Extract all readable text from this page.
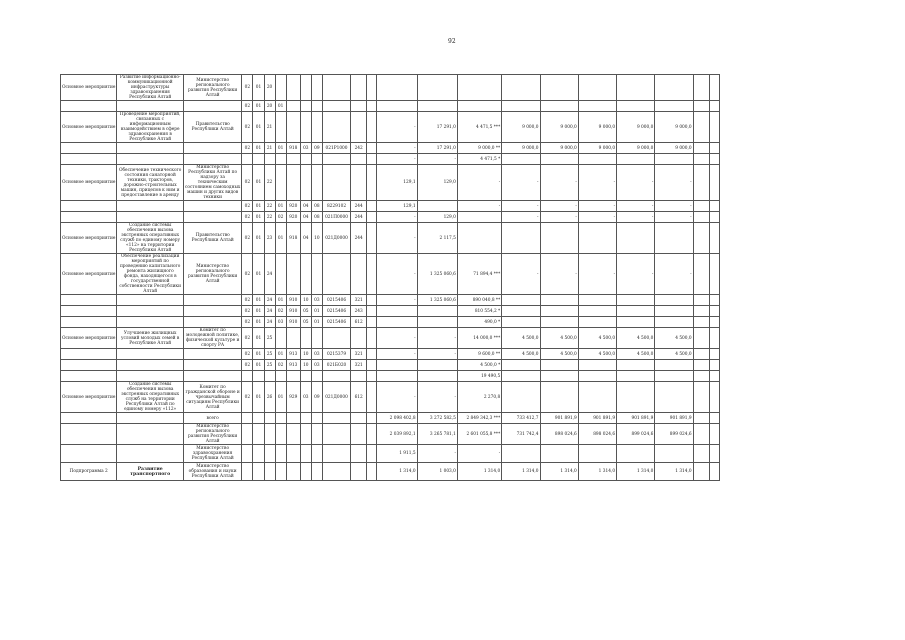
92
Основное мероприятие	Развитие информационно-коммуникационной инфраструктуры здравоохранения Республики Алтай	Министерство регионального развития Республики Алтай	02	01	20																	
			02	01	20	01																
Основное мероприятие	Проведение мероприятий, связанных с информационным взаимодействием в сфере здравоохранения в Республике Алтай	Правительство Республики Алтай	02	01	21								-	17 291,0	4 471,5 ***	9 000,0	9 000,0	9 000,0	9 000,0	9 000,0		
			02	01	21	01	918	03	09	021Р1000	242		-	17 291,0	9 000,0 **	9 000,0	9 000,0	9 000,0	9 000,0	9 000,0		
													-	-	4 471,5 *							
Основное мероприятие	Обеспечение технического состояния санаторной техники, тракторов, дорожно-строительных машин, прицепов к ним и предоставление в аренду	Министерство Республики Алтай по надзору за техническим состоянием самоходных машин и других видов техники	02	01	22								129,1	129,0	-	-	-	-	-	-		
			02	01	22	01	920	04	08	8229102	244		129,1		-	-	-	-	-	-		
			02	01	22	02	920	04	08	021П0000	244		-	129,0		-	-	-	-	-		
Основное мероприятие	Создание системы обеспечения вызова экстренных оперативных служб по единому номеру «112» на территории Республики Алтай	Правительство Республики Алтай	02	01	23	01	918	04	10	021Д0000	244		-	2 117,5								
Основное мероприятие	Обеспечение реализации мероприятий по проведению капитального ремонта жилищного фонда, находящегося в государственной собственности Республики Алтай	Министерство регионального развития Республики Алтай	02	01	24								-	1 325 060,6	71 894,4 ***	-	-	-	-	-		
			02	01	24	01	910	10	03	0215406	321		-	1 325 060,6	890 040,8 **							
			02	01	24	02	910	05	01	0215406	243				810 554,2 *							
			02	01	24	03	910	05	01	0215406	612				490,0 *							
Основное мероприятие	Улучшение жилищных условий молодых семей в Республике Алтай	Комитет по молодежной политике, физической культуре и спорту РА	02	01	25								-	-	14 000,0 ***	4 500,0	4 500,0	4 500,0	4 500,0	4 500,0		
			02	01	25	01	913	10	03	0215379	321		-	-	9 600,0 **	4 500,0	4 500,0	4 500,0	4 500,0	4 500,0		
			02	01	25	02	913	10	03	021Б020	321				4 500,0 *							
															19 490,5							
Основное мероприятие	Создание системы обеспечения вызова экстренных оперативных служб на территории Республики Алтай по единому номеру «112»	Комитет по гражданской обороне и чрезвычайным ситуациям Республики Алтай	02	01	26	01	929	03	09	021Д0000	612		-	-	2 270,8							
		всего											2 098 402,8	3 272 582,5	2 849 342,3 ***	733 412,7	901 891,9	901 891,9	901 891,9	901 891,9		
		Министерство регионального развития Республики Алтай											2 039 892,1	3 265 781,1	2 601 055,8 ***	731 742,4	898 024,6	898 024,6	899 024,6	899 024,6		
		Министерство здравоохранения Республики Алтай											1 911,5	-	-							
Подпрограмма 2	Развитие транспортного	Министерство образования и науки Республики Алтай											1 314,0	1 003,0	1 314,0	1 314,0	1 314,0	1 314,0	1 314,0	1 314,0		
